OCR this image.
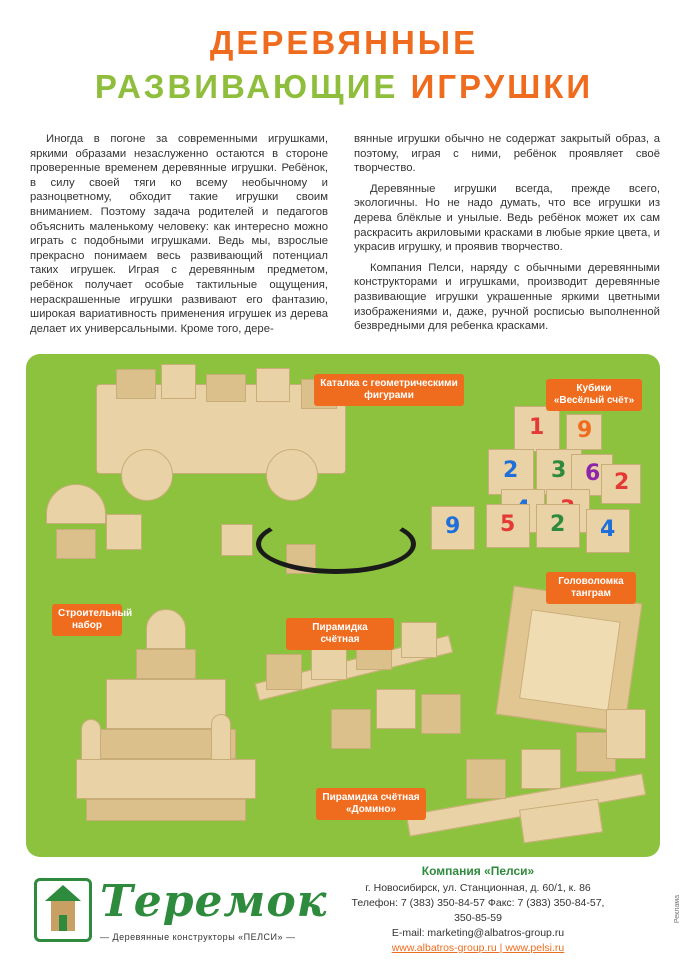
ДЕРЕВЯННЫЕ
РАЗВИВАЮЩИЕ ИГРУШКИ

Иногда в погоне за современными игрушками, яркими образами незаслуженно остаются в стороне проверенные временем деревянные игрушки. Ребёнок, в силу своей тяги ко всему необычному и разноцветному, обходит такие игрушки своим вниманием. Поэтому задача родителей и педагогов объяснить маленькому человеку: как интересно можно играть с подобными игрушками. Ведь мы, взрослые прекрасно понимаем весь развивающий потенциал таких игрушек. Играя с деревянным предметом, ребёнок получает особые тактильные ощущения, нераскрашенные игрушки развивают его фантазию, широкая вариативность применения игрушек из дерева делает их универсальными. Кроме того, дере-

вянные игрушки обычно не содержат закрытый образ, а поэтому, играя с ними, ребёнок проявляет своё творчество.

Деревянные игрушки всегда, прежде всего, экологичны. Но не надо думать, что все игрушки из дерева блёклые и унылые. Ведь ребёнок может их сам раскрасить акриловыми красками в любые яркие цвета, и украсив игрушку, и проявив творчество.

Компания Пелси, наряду с обычными деревянными конструкторами и игрушками, производит деревянные развивающие игрушки украшенные яркими цветными изображениями и, даже, ручной росписью выполненной безвредными для ребенка красками.

Каталка с геометрическими фигурами
1
2 3 6
9 5 2 4
2
9
Кубики
«Весёлый счёт»
Головоломка танграм
Строительный набор	Пирамидка счётная
Пирамидка счётная
«Домино»
Теремок
— Деревянные конструкторы «ПЕЛСИ» —
Компания «Пелси»
г. Новосибирск, ул. Станционная, д. 60/1, к. 86
Телефон: 7 (383) 350-84-57 Факс: 7 (383) 350-84-57, 350-85-59
E-mail: marketing@albatros-group.ru
www.albatros-group.ru | www.pelsi.ru
Реклама
